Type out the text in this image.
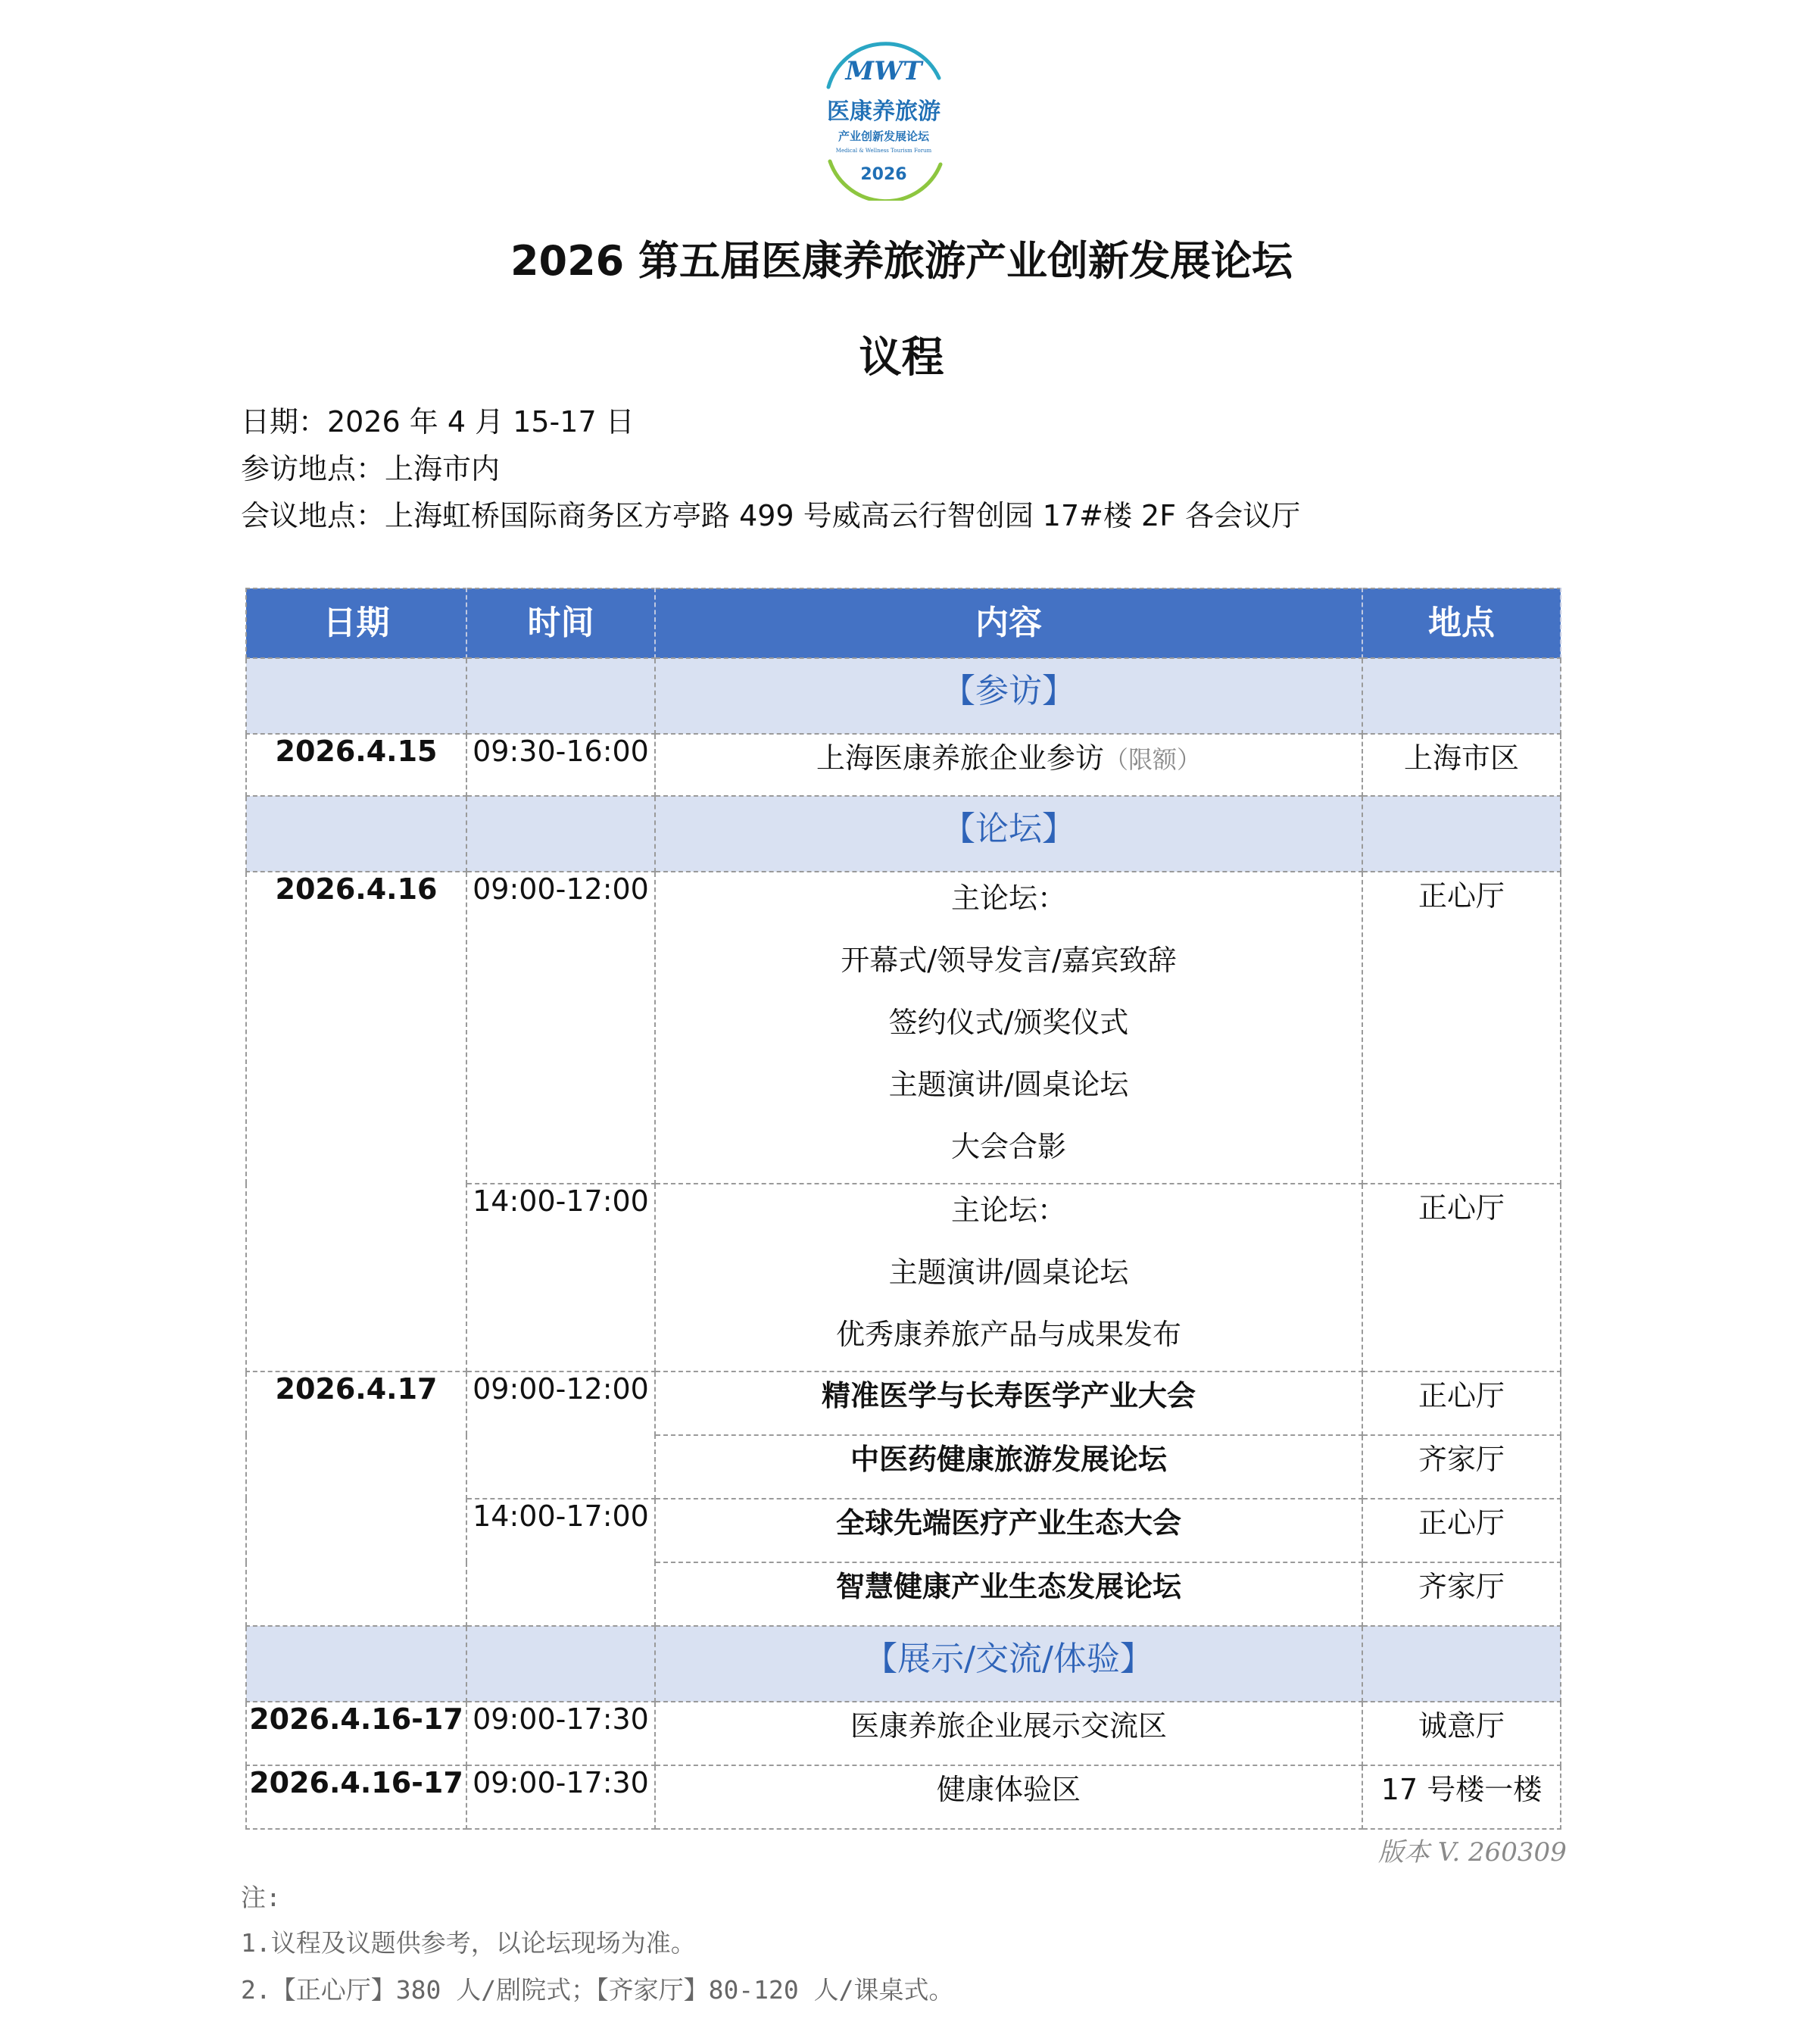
MWT
医康养旅游
产业创新发展论坛
Medical & Wellness Tourism Forum
2026
2026 第五届医康养旅游产业创新发展论坛
议程
日期：2026 年 4 月 15-17 日
参访地点：上海市内
会议地点：上海虹桥国际商务区方亭路 499 号威高云行智创园 17#楼 2F 各会议厅
日期	时间	内容	地点
		【参访】	
2026.4.15	09:30-16:00	上海医康养旅企业参访（限额）	上海市区
		【论坛】	
2026.4.16	09:00-12:00	主论坛：
开幕式/领导发言/嘉宾致辞
签约仪式/颁奖仪式
主题演讲/圆桌论坛
大会合影	正心厅
	14:00-17:00	主论坛：
主题演讲/圆桌论坛
优秀康养旅产品与成果发布	正心厅
2026.4.17	09:00-12:00	精准医学与长寿医学产业大会	正心厅
		中医药健康旅游发展论坛	齐家厅
	14:00-17:00	全球先端医疗产业生态大会	正心厅
		智慧健康产业生态发展论坛	齐家厅
		【展示/交流/体验】	
2026.4.16-17	09:00-17:30	医康养旅企业展示交流区	诚意厅
2026.4.16-17	09:00-17:30	健康体验区	17 号楼一楼
版本 V. 260309
注:
1.议程及议题供参考，以论坛现场为准。
2.【正心厅】380 人/剧院式；【齐家厅】80-120 人/课桌式。
